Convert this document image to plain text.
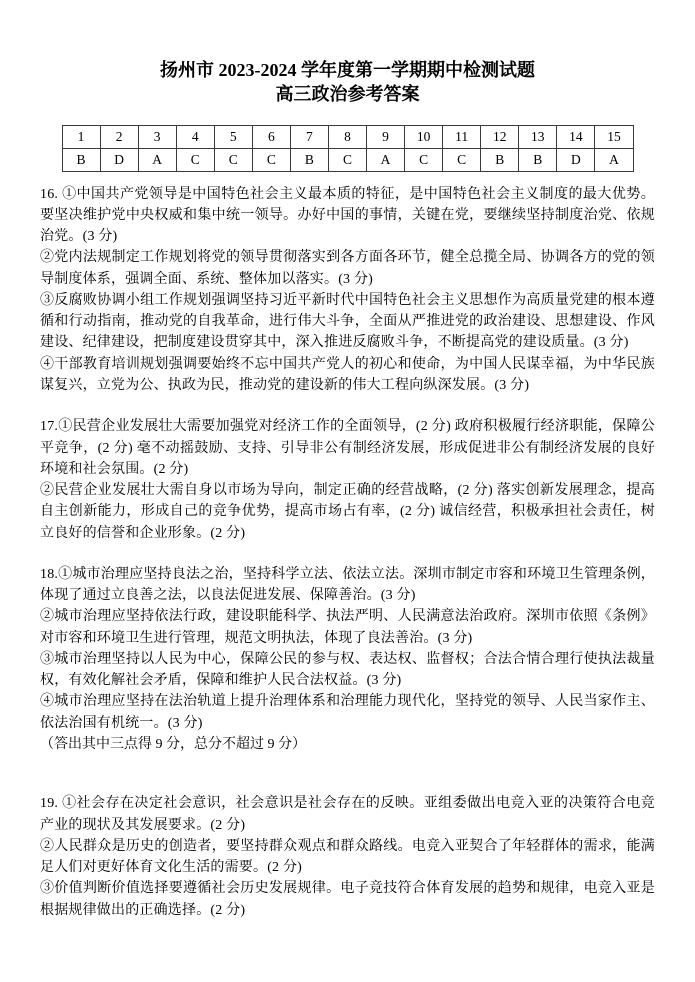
扬州市 2023-2024 学年度第一学期期中检测试题
高三政治参考答案
1	2	3	4	5	6	7	8	9	10	11	12	13	14	15
B	D	A	C	C	C	B	C	A	C	C	B	B	D	A

16. ①中国共产党领导是中国特色社会主义最本质的特征，是中国特色社会主义制度的最大优势。要坚决维护党中央权威和集中统一领导。办好中国的事情，关键在党，要继续坚持制度治党、依规治党。(3 分)

②党内法规制定工作规划将党的领导贯彻落实到各方面各环节，健全总揽全局、协调各方的党的领导制度体系，强调全面、系统、整体加以落实。(3 分)

③反腐败协调小组工作规划强调坚持习近平新时代中国特色社会主义思想作为高质量党建的根本遵循和行动指南，推动党的自我革命，进行伟大斗争，全面从严推进党的政治建设、思想建设、作风建设、纪律建设，把制度建设贯穿其中，深入推进反腐败斗争，不断提高党的建设质量。(3 分)

④干部教育培训规划强调要始终不忘中国共产党人的初心和使命，为中国人民谋幸福，为中华民族谋复兴，立党为公、执政为民，推动党的建设新的伟大工程向纵深发展。(3 分)

17.①民营企业发展壮大需要加强党对经济工作的全面领导，(2 分) 政府积极履行经济职能，保障公平竞争，(2 分) 毫不动摇鼓励、支持、引导非公有制经济发展，形成促进非公有制经济发展的良好环境和社会氛围。(2 分)

②民营企业发展壮大需自身以市场为导向，制定正确的经营战略，(2 分) 落实创新发展理念，提高自主创新能力，形成自己的竞争优势，提高市场占有率，(2 分) 诚信经营，积极承担社会责任，树立良好的信誉和企业形象。(2 分)

18.①城市治理应坚持良法之治，坚持科学立法、依法立法。深圳市制定市容和环境卫生管理条例，体现了通过立良善之法，以良法促进发展、保障善治。(3 分)

②城市治理应坚持依法行政，建设职能科学、执法严明、人民满意法治政府。深圳市依照《条例》对市容和环境卫生进行管理，规范文明执法，体现了良法善治。(3 分)

③城市治理坚持以人民为中心，保障公民的参与权、表达权、监督权；合法合情合理行使执法裁量权，有效化解社会矛盾，保障和维护人民合法权益。(3 分)

④城市治理应坚持在法治轨道上提升治理体系和治理能力现代化，坚持党的领导、人民当家作主、依法治国有机统一。(3 分)

（答出其中三点得 9 分，总分不超过 9 分）

19. ①社会存在决定社会意识，社会意识是社会存在的反映。亚组委做出电竞入亚的决策符合电竞产业的现状及其发展要求。(2 分)

②人民群众是历史的创造者，要坚持群众观点和群众路线。电竞入亚契合了年轻群体的需求，能满足人们对更好体育文化生活的需要。(2 分)

③价值判断价值选择要遵循社会历史发展规律。电子竞技符合体育发展的趋势和规律，电竞入亚是根据规律做出的正确选择。(2 分)
